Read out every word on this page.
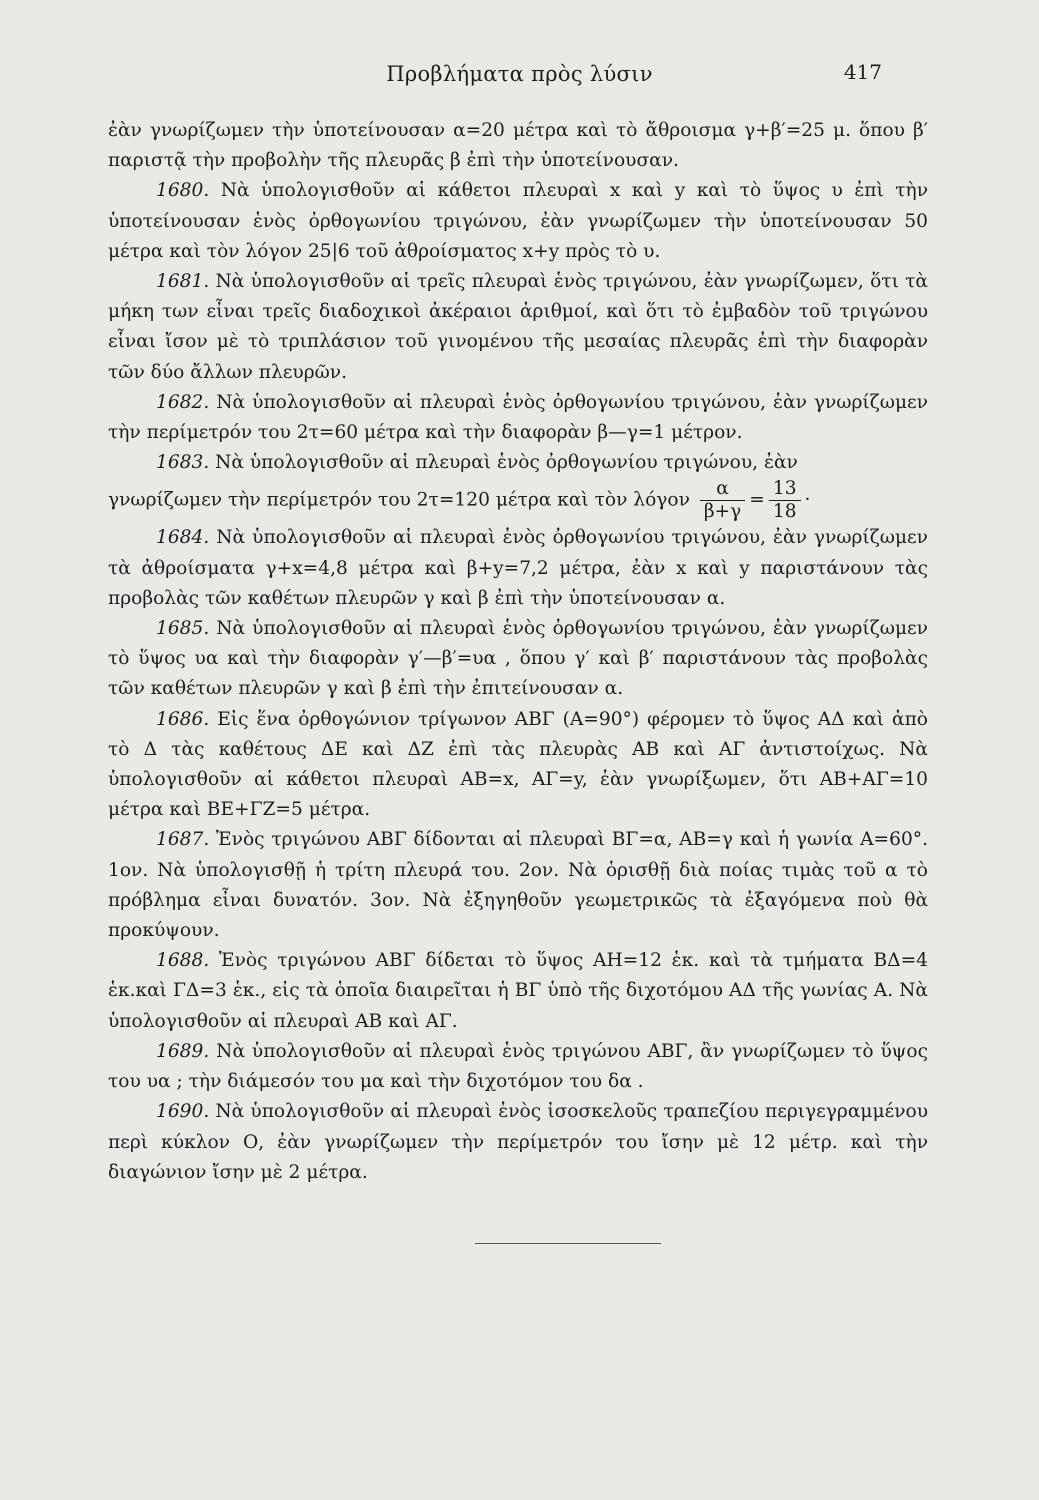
Προβλήματα πρὸς λύσιν	417

ἐὰν γνωρίζωμεν τὴν ὑποτείνουσαν α=20 μέτρα καὶ τὸ ἄθροισμα γ+β′=25 μ. ὅπου β′ παριστᾷ τὴν προβολὴν τῆς πλευρᾶς β ἐπὶ τὴν ὑποτείνουσαν.

1680. Νὰ ὑπολογισθοῦν αἱ κάθετοι πλευραὶ x καὶ y καὶ τὸ ὕψος υ ἐπὶ τὴν ὑποτείνουσαν ἑνὸς ὀρθογωνίου τριγώνου, ἐὰν γνωρίζωμεν τὴν ὑποτείνουσαν 50 μέτρα καὶ τὸν λόγον 25|6 τοῦ ἀθροίσματος x+y πρὸς τὸ υ.

1681. Νὰ ὑπολογισθοῦν αἱ τρεῖς πλευραὶ ἑνὸς τριγώνου, ἐὰν γνωρίζωμεν, ὅτι τὰ μήκη των εἶναι τρεῖς διαδοχικοὶ ἀκέραιοι ἀριθμοί, καὶ ὅτι τὸ ἐμβαδὸν τοῦ τριγώνου εἶναι ἴσον μὲ τὸ τριπλάσιον τοῦ γινομένου τῆς μεσαίας πλευρᾶς ἐπὶ τὴν διαφορὰν τῶν δύο ἄλλων πλευρῶν.

1682. Νὰ ὑπολογισθοῦν αἱ πλευραὶ ἑνὸς ὀρθογωνίου τριγώνου, ἐὰν γνωρίζωμεν τὴν περίμετρόν του 2τ=60 μέτρα καὶ τὴν διαφορὰν β—γ=1 μέτρον.

1683. Νὰ ὑπολογισθοῦν αἱ πλευραὶ ἑνὸς ὀρθογωνίου τριγώνου, ἐὰν

γνωρίζωμεν τὴν περίμετρόν του 2τ=120 μέτρα καὶ τὸν λόγον $\frac{\alpha}{\beta+\gamma} = \frac{13}{18}$ ·

1684. Νὰ ὑπολογισθοῦν αἱ πλευραὶ ἑνὸς ὀρθογωνίου τριγώνου, ἐὰν γνωρίζωμεν τὰ ἀθροίσματα γ+x=4,8 μέτρα καὶ β+y=7,2 μέτρα, ἐὰν x καὶ y παριστάνουν τὰς προβολὰς τῶν καθέτων πλευρῶν γ καὶ β ἐπὶ τὴν ὑποτείνουσαν α.

1685. Νὰ ὑπολογισθοῦν αἱ πλευραὶ ἑνὸς ὀρθογωνίου τριγώνου, ἐὰν γνωρίζωμεν τὸ ὕψος υα καὶ τὴν διαφορὰν γ′—β′=υα , ὅπου γ′ καὶ β′ παριστάνουν τὰς προβολὰς τῶν καθέτων πλευρῶν γ καὶ β ἐπὶ τὴν ἐπιτείνουσαν α.

1686. Εἰς ἕνα ὀρθογώνιον τρίγωνον ΑΒΓ (Α=90°) φέρομεν τὸ ὕψος ΑΔ καὶ ἀπὸ τὸ Δ τὰς καθέτους ΔΕ καὶ ΔΖ ἐπὶ τὰς πλευρὰς ΑΒ καὶ ΑΓ ἀντιστοίχως. Νὰ ὑπολογισθοῦν αἱ κάθετοι πλευραὶ ΑΒ=x, ΑΓ=y, ἐὰν γνωρίξωμεν, ὅτι ΑΒ+ΑΓ=10 μέτρα καὶ ΒΕ+ΓΖ=5 μέτρα.

1687. Ἑνὸς τριγώνου ΑΒΓ δίδονται αἱ πλευραὶ ΒΓ=α, ΑΒ=γ καὶ ἡ γωνία Α=60°. 1ον. Νὰ ὑπολογισθῇ ἡ τρίτη πλευρά του. 2ον. Νὰ ὁρισθῇ διὰ ποίας τιμὰς τοῦ α τὸ πρόβλημα εἶναι δυνατόν. 3ον. Νὰ ἐξηγηθοῦν γεωμετρικῶς τὰ ἐξαγόμενα ποὺ θὰ προκύψουν.

1688. Ἑνὸς τριγώνου ΑΒΓ δίδεται τὸ ὕψος ΑΗ=12 ἑκ. καὶ τὰ τμήματα ΒΔ=4 ἑκ.καὶ ΓΔ=3 ἑκ., εἰς τὰ ὁποῖα διαιρεῖται ἡ ΒΓ ὑπὸ τῆς διχοτόμου ΑΔ τῆς γωνίας Α. Νὰ ὑπολογισθοῦν αἱ πλευραὶ ΑΒ καὶ ΑΓ.

1689. Νὰ ὑπολογισθοῦν αἱ πλευραὶ ἑνὸς τριγώνου ΑΒΓ, ἂν γνωρίζωμεν τὸ ὕψος του υα ; τὴν διάμεσόν του μα καὶ τὴν διχοτόμον του δα .

1690. Νὰ ὑπολογισθοῦν αἱ πλευραὶ ἑνὸς ἰσοσκελοῦς τραπεζίου περιγεγραμμένου περὶ κύκλον Ο, ἐὰν γνωρίζωμεν τὴν περίμετρόν του ἴσην μὲ 12 μέτρ. καὶ τὴν διαγώνιον ἴσην μὲ 2 μέτρα.
